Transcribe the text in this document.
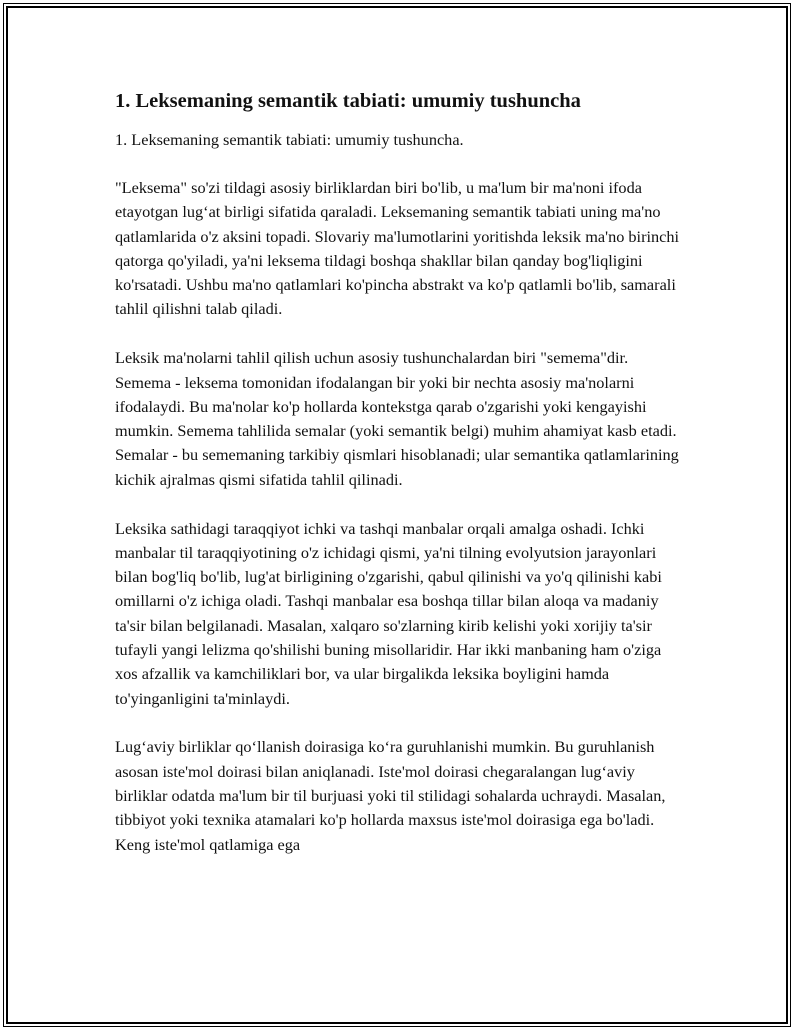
1. Leksemaning semantik tabiati: umumiy tushuncha

1. Leksemaning semantik tabiati: umumiy tushuncha.

"Leksema" so'zi tildagi asosiy birliklardan biri bo'lib, u ma'lum bir ma'noni ifoda etayotgan lug‘at birligi sifatida qaraladi. Leksemaning semantik tabiati uning ma'no qatlamlarida o'z aksini topadi. Slovariy ma'lumotlarini yoritishda leksik ma'no birinchi qatorga qo'yiladi, ya'ni leksema tildagi boshqa shakllar bilan qanday bog'liqligini ko'rsatadi. Ushbu ma'no qatlamlari ko'pincha abstrakt va ko'p qatlamli bo'lib, samarali tahlil qilishni talab qiladi.

Leksik ma'nolarni tahlil qilish uchun asosiy tushunchalardan biri "semema"dir. Semema - leksema tomonidan ifodalangan bir yoki bir nechta asosiy ma'nolarni ifodalaydi. Bu ma'nolar ko'p hollarda kontekstga qarab o'zgarishi yoki kengayishi mumkin. Semema tahlilida semalar (yoki semantik belgi) muhim ahamiyat kasb etadi. Semalar - bu sememaning tarkibiy qismlari hisoblanadi; ular semantika qatlamlarining kichik ajralmas qismi sifatida tahlil qilinadi.

Leksika sathidagi taraqqiyot ichki va tashqi manbalar orqali amalga oshadi. Ichki manbalar til taraqqiyotining o'z ichidagi qismi, ya'ni tilning evolyutsion jarayonlari bilan bog'liq bo'lib, lug'at birligining o'zgarishi, qabul qilinishi va yo'q qilinishi kabi omillarni o'z ichiga oladi. Tashqi manbalar esa boshqa tillar bilan aloqa va madaniy ta'sir bilan belgilanadi. Masalan, xalqaro so'zlarning kirib kelishi yoki xorijiy ta'sir tufayli yangi lelizma qo'shilishi buning misollaridir. Har ikki manbaning ham o'ziga xos afzallik va kamchiliklari bor, va ular birgalikda leksika boyligini hamda to'yinganligini ta'minlaydi.

Lug‘aviy birliklar qo‘llanish doirasiga ko‘ra guruhlanishi mumkin. Bu guruhlanish asosan iste'mol doirasi bilan aniqlanadi. Iste'mol doirasi chegaralangan lug‘aviy birliklar odatda ma'lum bir til burjuasi yoki til stilidagi sohalarda uchraydi. Masalan, tibbiyot yoki texnika atamalari ko'p hollarda maxsus iste'mol doirasiga ega bo'ladi. Keng iste'mol qatlamiga ega
